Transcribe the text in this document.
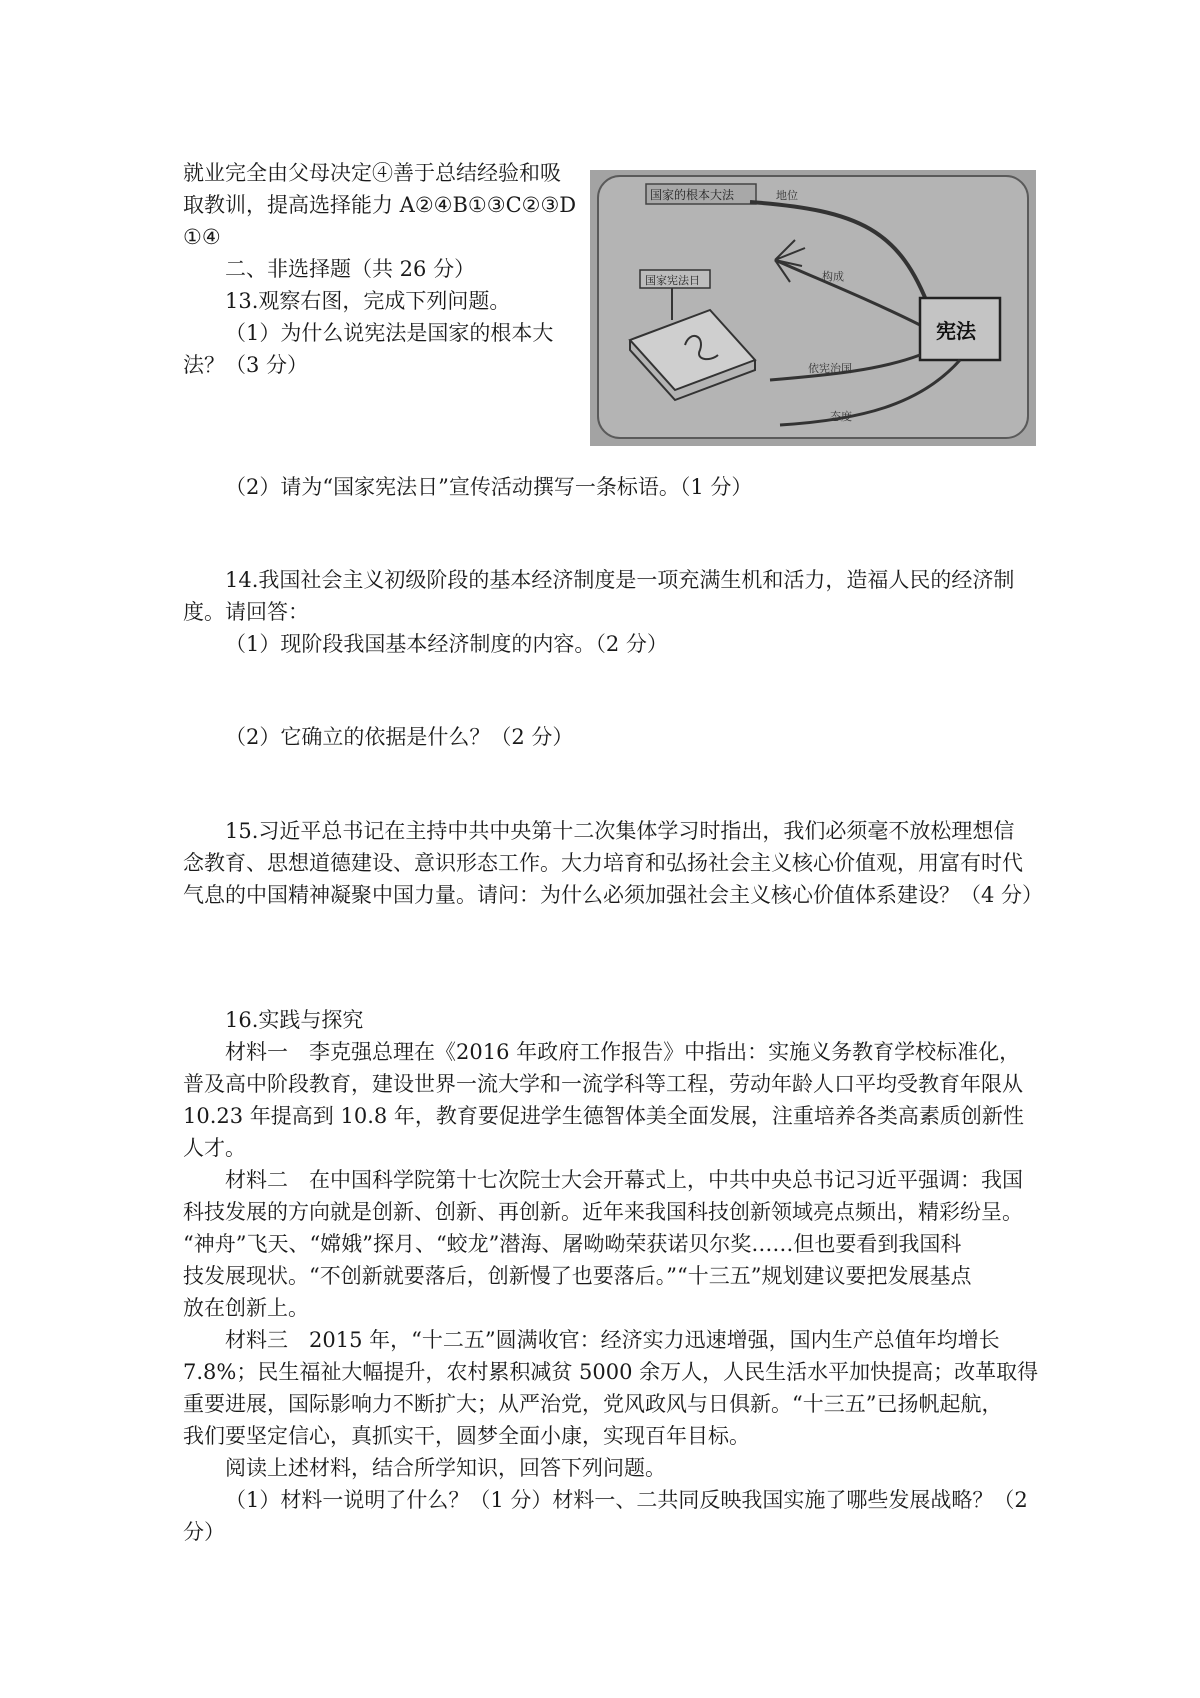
就业完全由父母决定④善于总结经验和吸
取教训，提高选择能力 A②④B①③C②③D
①④
二、非选择题（共 26 分）
13.观察右图，完成下列问题。
（1）为什么说宪法是国家的根本大
法？（3 分）
国家的根本大法	地位
构成
国家宪法日
宪法
依宪治国
态度
（2）请为“国家宪法日”宣传活动撰写一条标语。（1 分）
14.我国社会主义初级阶段的基本经济制度是一项充满生机和活力，造福人民的经济制
度。请回答：
（1）现阶段我国基本经济制度的内容。（2 分）
（2）它确立的依据是什么？（2 分）
15.习近平总书记在主持中共中央第十二次集体学习时指出，我们必须毫不放松理想信
念教育、思想道德建设、意识形态工作。大力培育和弘扬社会主义核心价值观，用富有时代
气息的中国精神凝聚中国力量。请问：为什么必须加强社会主义核心价值体系建设？（4 分）
16.实践与探究
材料一　李克强总理在《2016 年政府工作报告》中指出：实施义务教育学校标准化，
普及高中阶段教育，建设世界一流大学和一流学科等工程，劳动年龄人口平均受教育年限从
10.23 年提高到 10.8 年，教育要促进学生德智体美全面发展，注重培养各类高素质创新性
人才。
材料二　在中国科学院第十七次院士大会开幕式上，中共中央总书记习近平强调：我国
科技发展的方向就是创新、创新、再创新。近年来我国科技创新领域亮点频出，精彩纷呈。
“神舟”飞天、“嫦娥”探月、“蛟龙”潜海、屠呦呦荣获诺贝尔奖……但也要看到我国科
技发展现状。“不创新就要落后，创新慢了也要落后。”“十三五”规划建议要把发展基点
放在创新上。
材料三　2015 年，“十二五”圆满收官：经济实力迅速增强，国内生产总值年均增长
7.8%；民生福祉大幅提升，农村累积减贫 5000 余万人，人民生活水平加快提高；改革取得
重要进展，国际影响力不断扩大；从严治党，党风政风与日俱新。“十三五”已扬帆起航，
我们要坚定信心，真抓实干，圆梦全面小康，实现百年目标。
阅读上述材料，结合所学知识，回答下列问题。
（1）材料一说明了什么？（1 分）材料一、二共同反映我国实施了哪些发展战略？（2
分）
